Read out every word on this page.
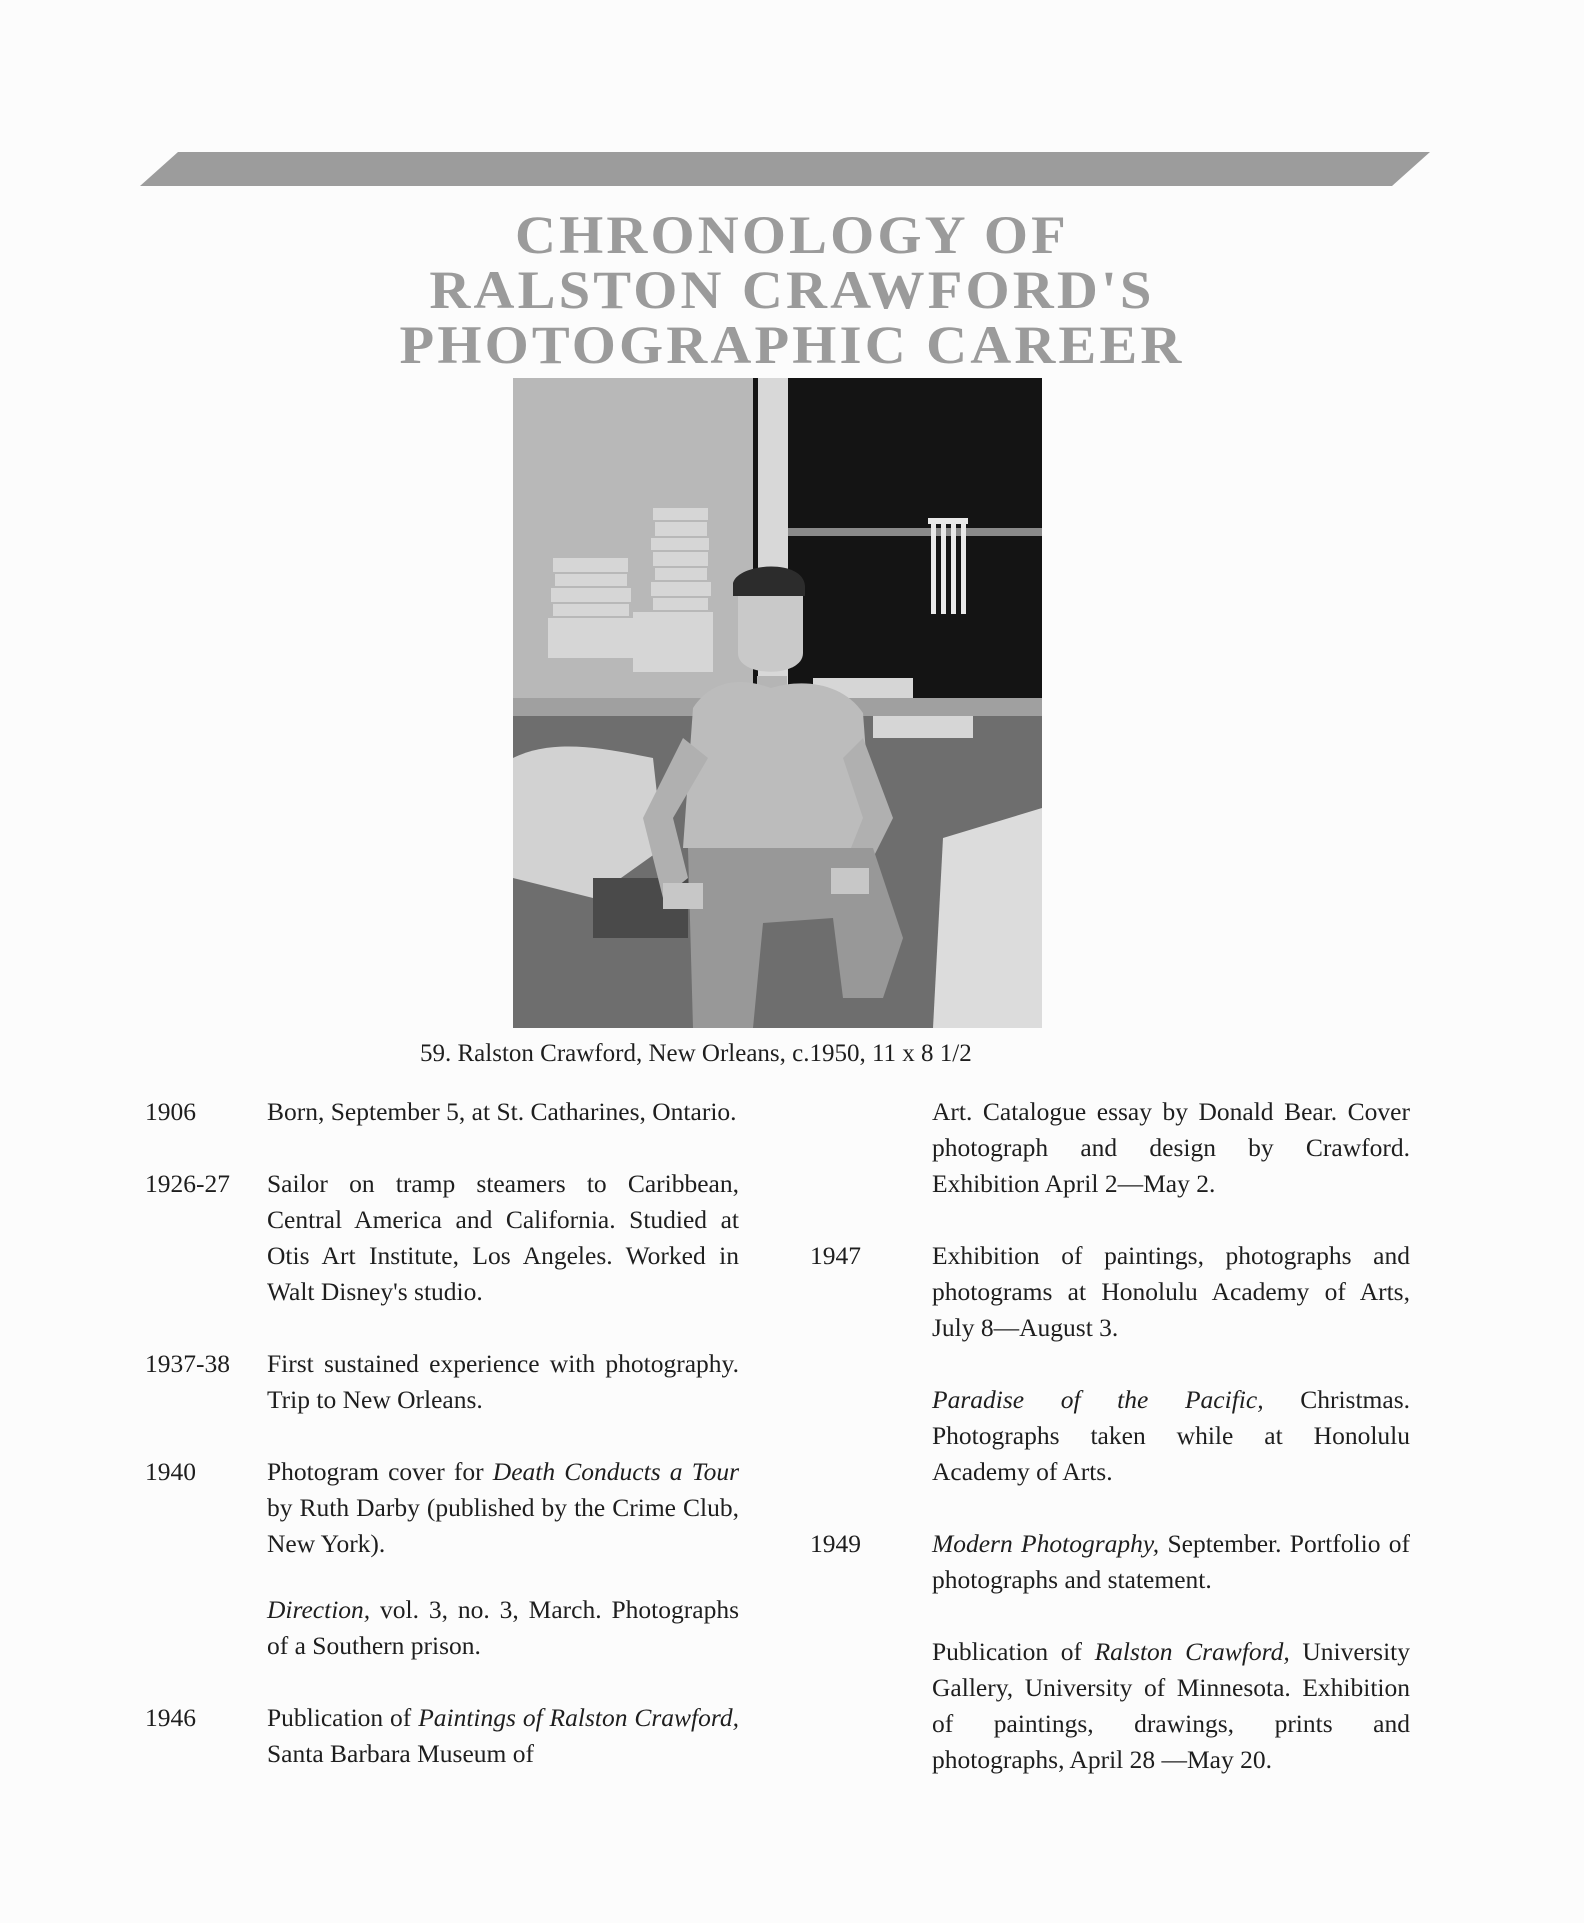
CHRONOLOGY OF
RALSTON CRAWFORD'S
PHOTOGRAPHIC CAREER
59. Ralston Crawford, New Orleans, c.1950, 11 x 8 1/2
1906	Born, September 5, at St. Catharines, Ontario.
1926-27	Sailor on tramp steamers to Caribbean, Central America and California. Studied at Otis Art Institute, Los Angeles. Worked in Walt Disney's studio.
1937-38	First sustained experience with photography. Trip to New Orleans.
1940	Photogram cover for Death Conducts a Tour by Ruth Darby (published by the Crime Club, New York).
Direction, vol. 3, no. 3, March. Photographs of a Southern prison.
1946	Publication of Paintings of Ralston Crawford, Santa Barbara Museum of
Art. Catalogue essay by Donald Bear. Cover photograph and design by Crawford. Exhibition April 2—May 2.
1947	Exhibition of paintings, photographs and photograms at Honolulu Academy of Arts, July 8—August 3.
Paradise of the Pacific, Christmas. Photographs taken while at Honolulu Academy of Arts.
1949	Modern Photography, September. Portfolio of photographs and statement.
Publication of Ralston Crawford, University Gallery, University of Minnesota. Exhibition of paintings, drawings, prints and photographs, April 28 —May 20.
